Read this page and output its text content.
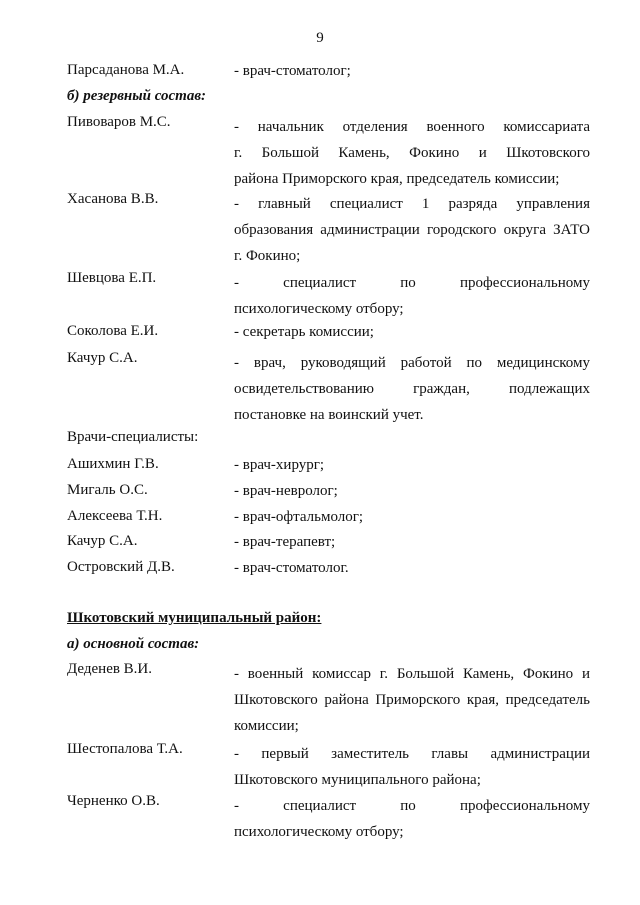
9
Парсаданова М.А.	- врач-стоматолог;
б) резервный состав:
Пивоваров М.С.	- начальник отделения военного комиссариата
г. Большой Камень, Фокино и Шкотовского
района Приморского края, председатель комиссии;
Хасанова В.В.	- главный специалист 1 разряда управления
образования администрации городского округа ЗАТО
г. Фокино;
Шевцова Е.П.	- специалист по профессиональному
психологическому отбору;
Соколова Е.И.	- секретарь комиссии;
Качур С.А.	- врач, руководящий работой по медицинскому
освидетельствованию граждан, подлежащих
постановке на воинский учет.
Врачи-специалисты:
Ашихмин Г.В.	- врач-хирург;
Мигаль О.С.	- врач-невролог;
Алексеева Т.Н.	- врач-офтальмолог;
Качур С.А.	- врач-терапевт;
Островский Д.В.	- врач-стоматолог.
Шкотовский муниципальный район:
а) основной состав:
Деденев В.И.	- военный комиссар г. Большой Камень, Фокино и
Шкотовского района Приморского края, председатель
комиссии;
Шестопалова Т.А.	- первый заместитель главы администрации
Шкотовского муниципального района;
Черненко О.В.	- специалист по профессиональному
психологическому отбору;
